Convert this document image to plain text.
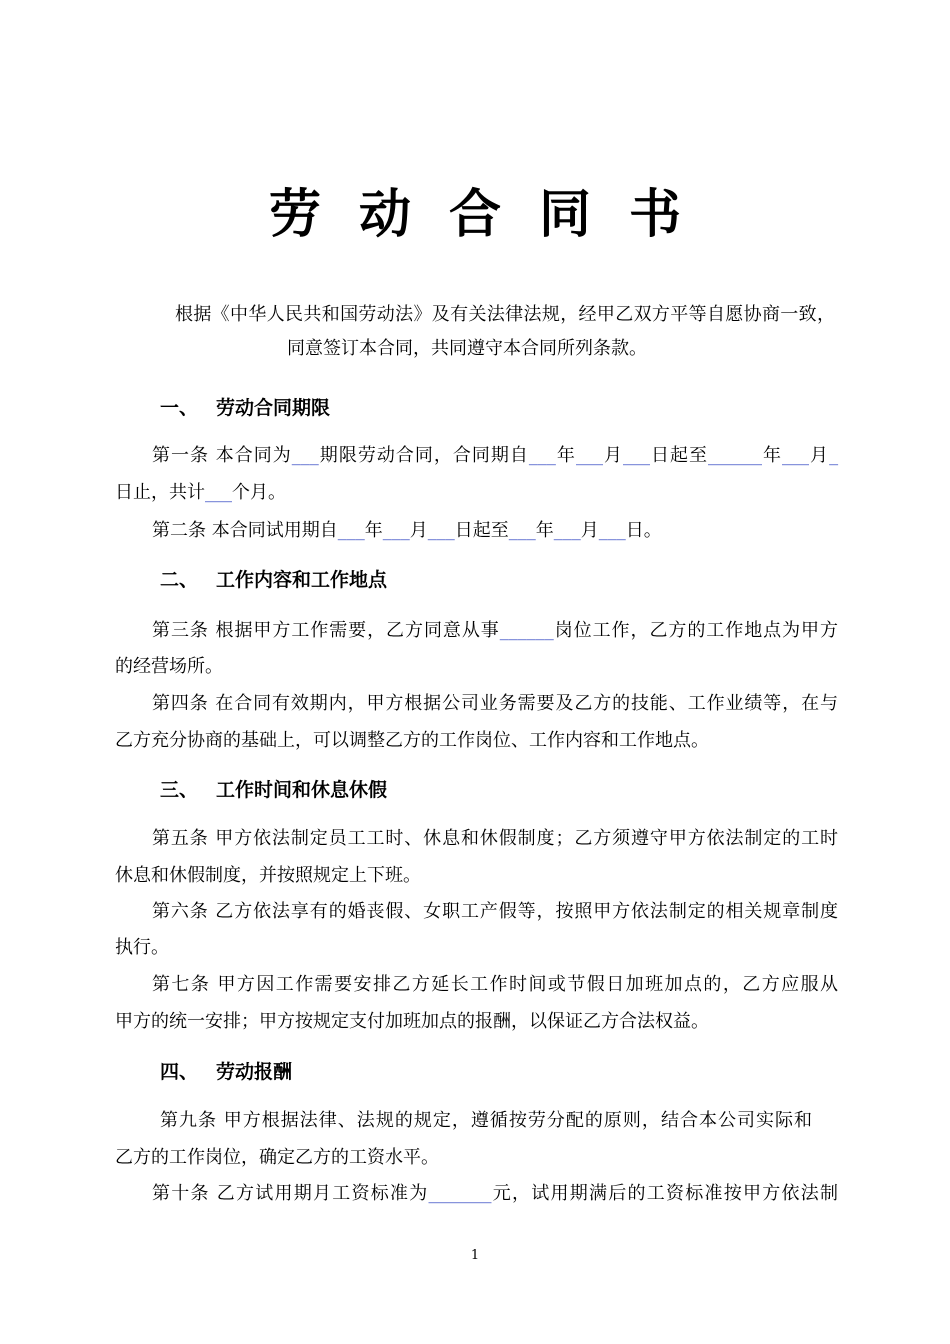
劳动合同书
根据《中华人民共和国劳动法》及有关法律法规，经甲乙双方平等自愿协商一致，
同意签订本合同，共同遵守本合同所列条款。
一、 劳动合同期限
第一条 本合同为___期限劳动合同，合同期自___年___月___日起至______年___月_
日止，共计___个月。
第二条 本合同试用期自___年___月___日起至___年___月___日。
二、 工作内容和工作地点
第三条 根据甲方工作需要，乙方同意从事______岗位工作，乙方的工作地点为甲方
的经营场所。
第四条 在合同有效期内，甲方根据公司业务需要及乙方的技能、工作业绩等，在与
乙方充分协商的基础上，可以调整乙方的工作岗位、工作内容和工作地点。
三、 工作时间和休息休假
第五条 甲方依法制定员工工时、休息和休假制度；乙方须遵守甲方依法制定的工时
休息和休假制度，并按照规定上下班。
第六条 乙方依法享有的婚丧假、女职工产假等，按照甲方依法制定的相关规章制度
执行。
第七条 甲方因工作需要安排乙方延长工作时间或节假日加班加点的，乙方应服从
甲方的统一安排；甲方按规定支付加班加点的报酬，以保证乙方合法权益。
四、 劳动报酬
第九条 甲方根据法律、法规的规定，遵循按劳分配的原则，结合本公司实际和
乙方的工作岗位，确定乙方的工资水平。
第十条 乙方试用期月工资标准为_______元，试用期满后的工资标准按甲方依法制
1
